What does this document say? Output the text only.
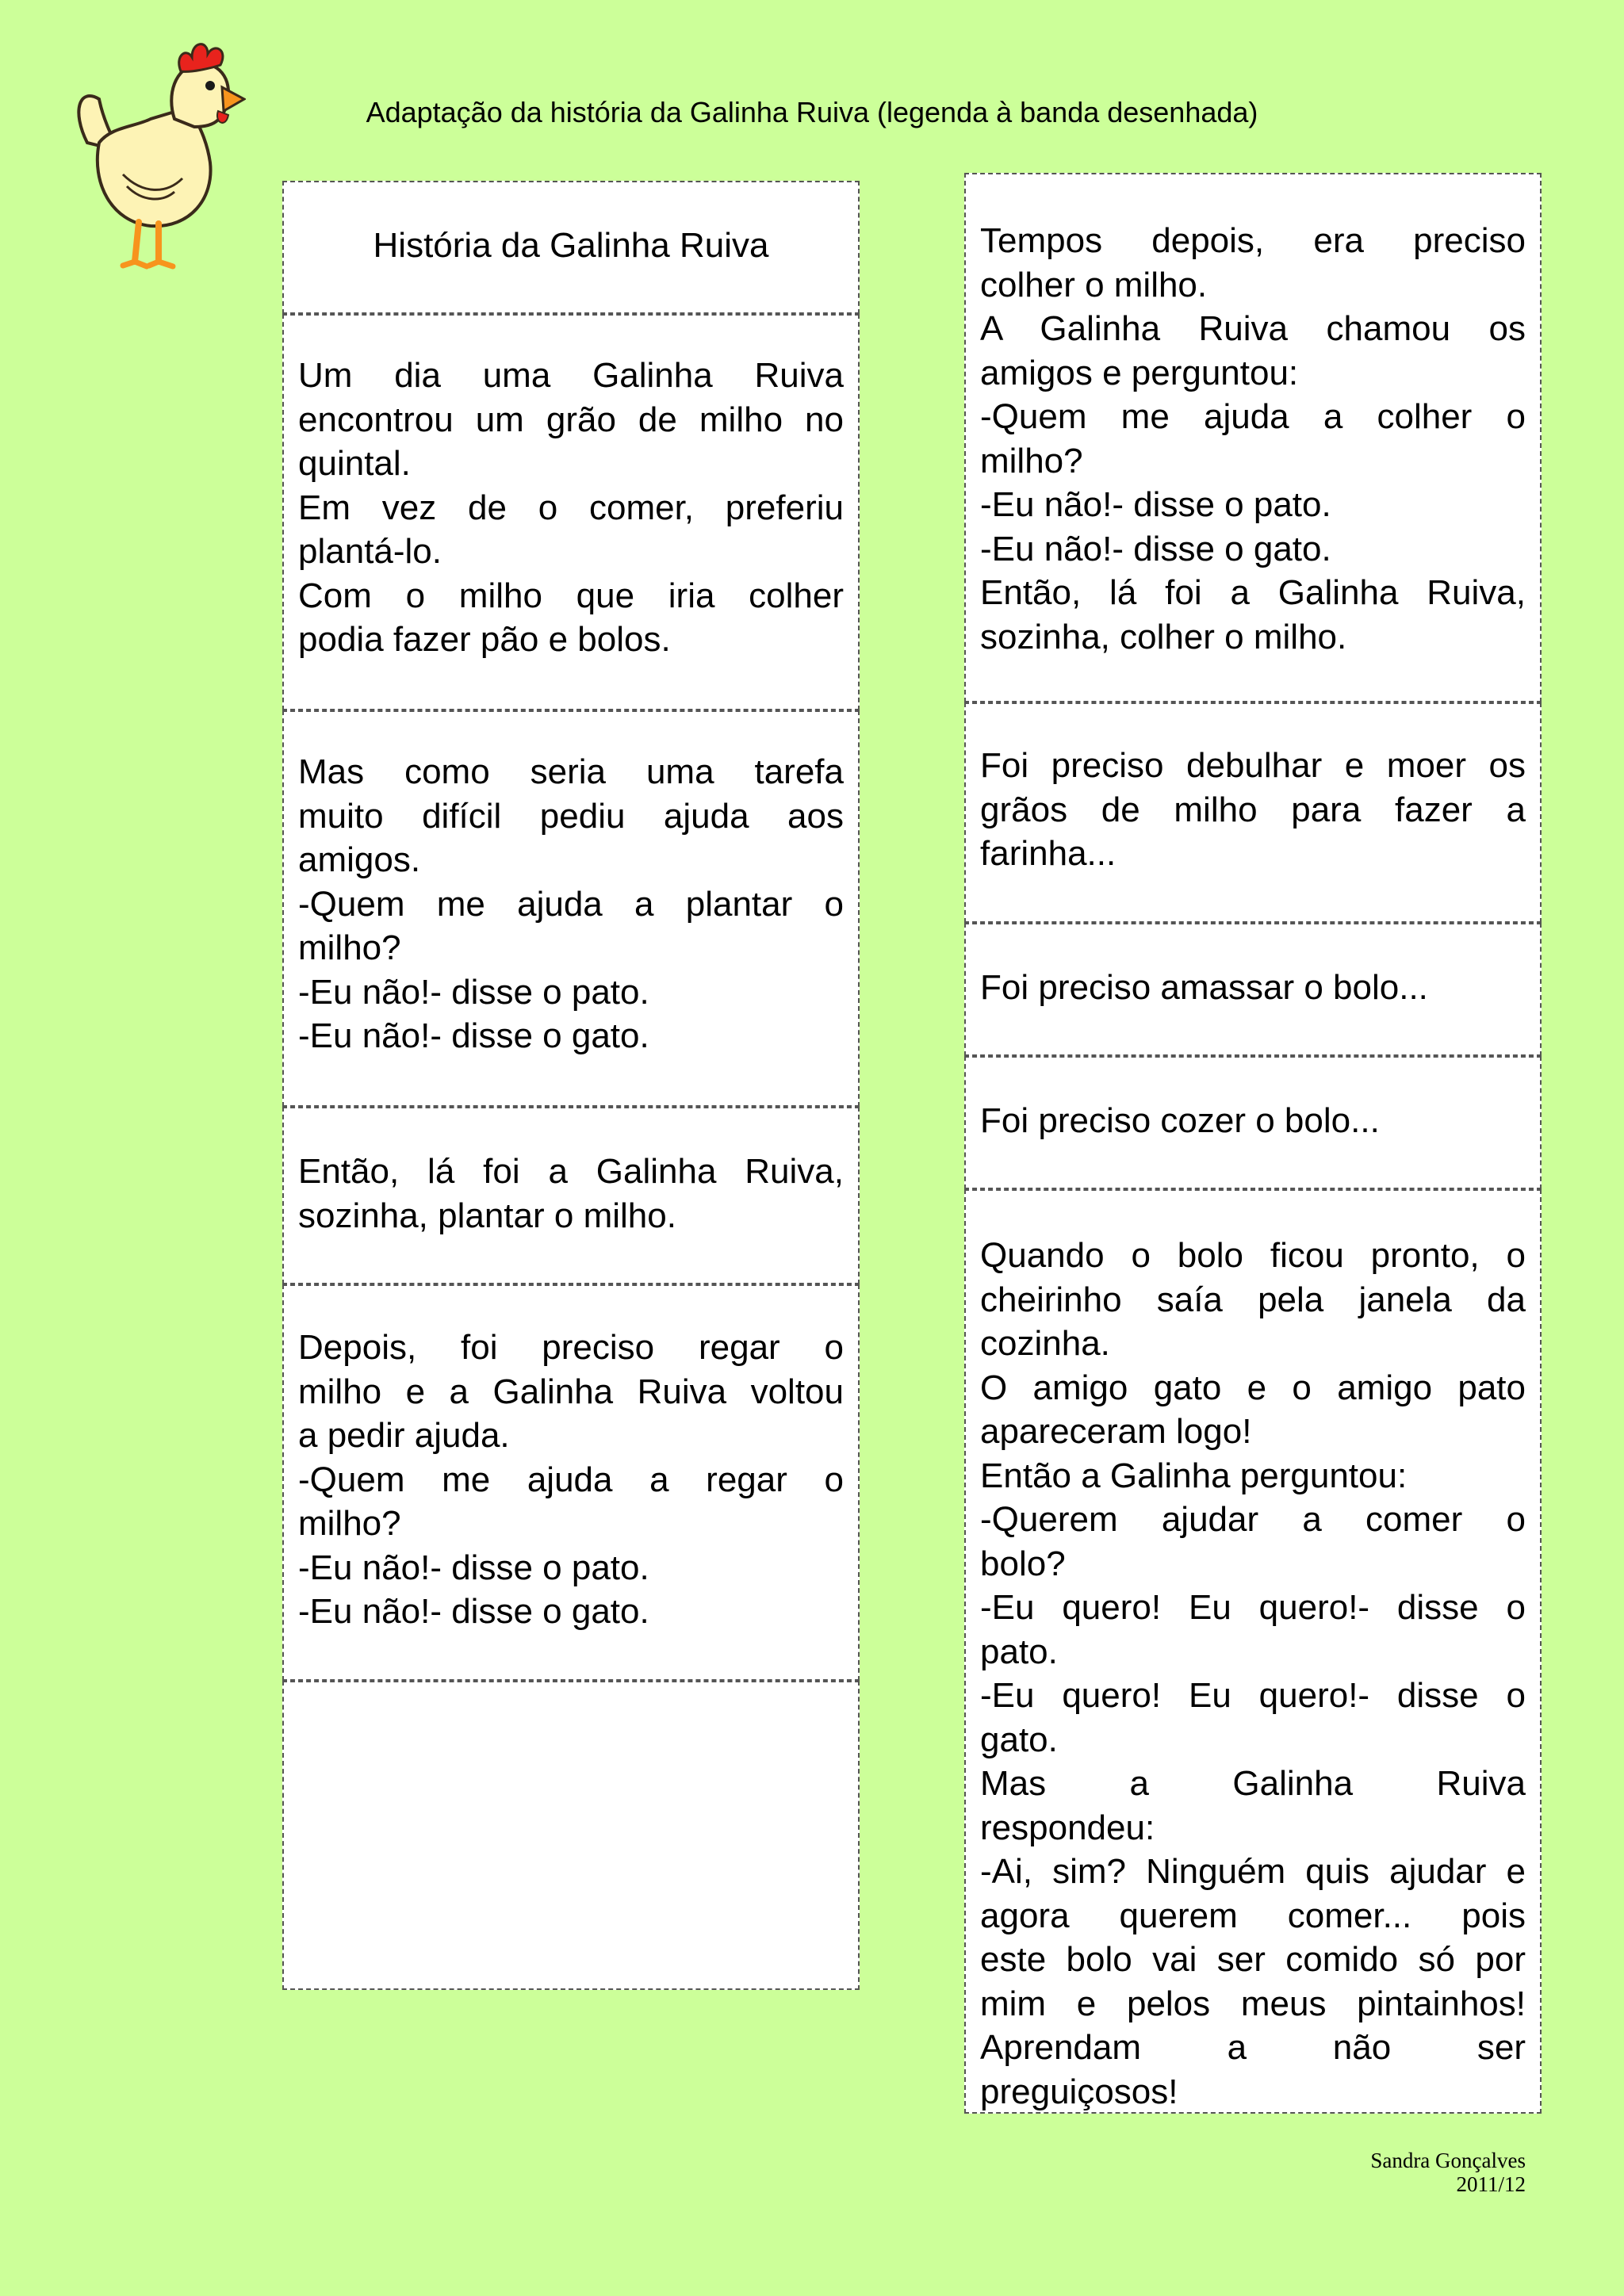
Adaptação da história da Galinha Ruiva (legenda à banda desenhada)
História da Galinha Ruiva
Um dia uma Galinha Ruiva
encontrou um grão de milho no
quintal.
Em vez de o comer, preferiu
plantá-lo.
Com o milho que iria colher
podia fazer pão e bolos.
Mas como seria uma tarefa
muito difícil pediu ajuda aos
amigos.
-Quem me ajuda a plantar o
milho?
-Eu não!- disse o pato.
-Eu não!- disse o gato.
Então, lá foi a Galinha Ruiva,
sozinha, plantar o milho.
Depois, foi preciso regar o
milho e a Galinha Ruiva voltou
a pedir ajuda.
-Quem me ajuda a regar o
milho?
-Eu não!- disse o pato.
-Eu não!- disse o gato.
Tempos depois, era preciso
colher o milho.
A Galinha Ruiva chamou os
amigos e perguntou:
-Quem me ajuda a colher o
milho?
-Eu não!- disse o pato.
-Eu não!- disse o gato.
Então, lá foi a Galinha Ruiva,
sozinha, colher o milho.
Foi preciso debulhar e moer os
grãos de milho para fazer a
farinha...
Foi preciso amassar o bolo...
Foi preciso cozer o bolo...
Quando o bolo ficou pronto, o
cheirinho saía pela janela da
cozinha.
O amigo gato e o amigo pato
apareceram logo!
Então a Galinha perguntou:
-Querem ajudar a comer o
bolo?
-Eu quero! Eu quero!- disse o
pato.
-Eu quero! Eu quero!- disse o
gato.
Mas a Galinha Ruiva
respondeu:
-Ai, sim? Ninguém quis ajudar e
agora querem comer... pois
este bolo vai ser comido só por
mim e pelos meus pintainhos!
Aprendam a não ser
preguiçosos!
Sandra Gonçalves
2011/12
